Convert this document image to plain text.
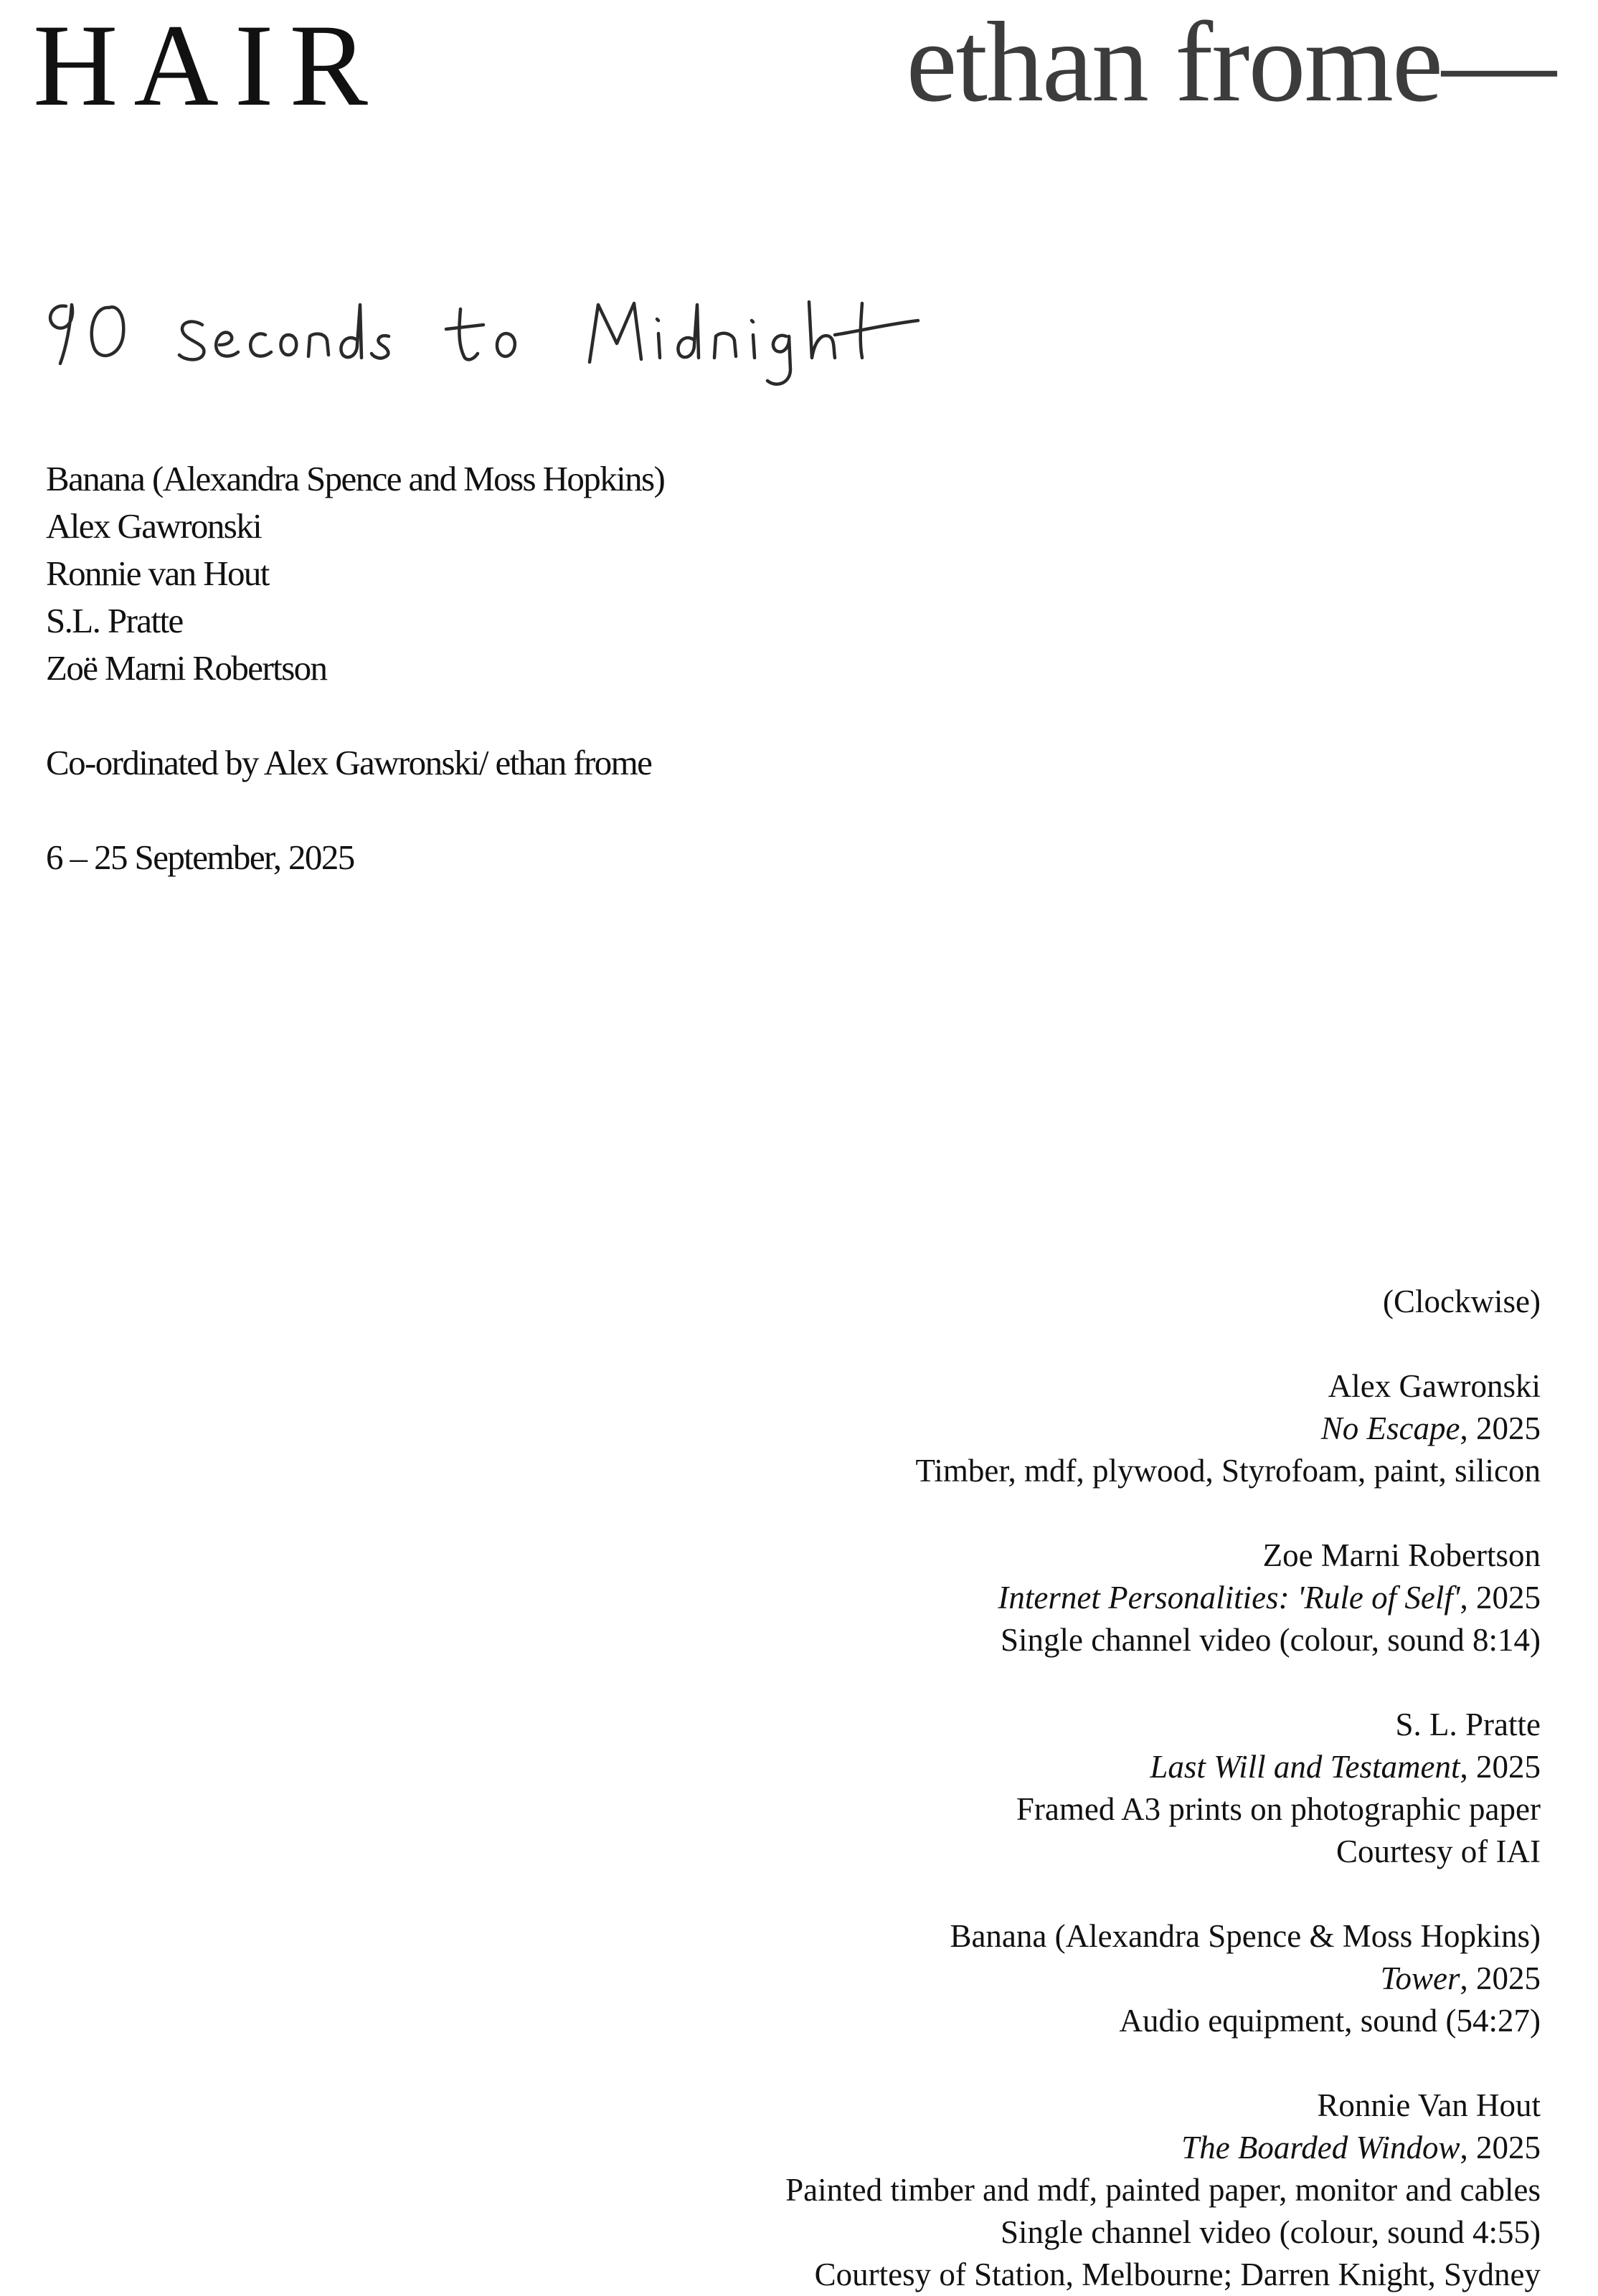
HAIR	ethan frome—
Banana (Alexandra Spence and Moss Hopkins)
Alex Gawronski
Ronnie van Hout
S.L. Pratte
Zoë Marni Robertson
Co-ordinated by Alex Gawronski/ ethan frome
6 – 25 September, 2025
(Clockwise)
Alex Gawronski
No Escape, 2025
Timber, mdf, plywood, Styrofoam, paint, silicon
Zoe Marni Robertson
Internet Personalities: 'Rule of Self', 2025
Single channel video (colour, sound 8:14)
S. L. Pratte
Last Will and Testament, 2025
Framed A3 prints on photographic paper
Courtesy of IAI
Banana (Alexandra Spence & Moss Hopkins)
Tower, 2025
Audio equipment, sound (54:27)
Ronnie Van Hout
The Boarded Window, 2025
Painted timber and mdf, painted paper, monitor and cables
Single channel video (colour, sound 4:55)
Courtesy of Station, Melbourne; Darren Knight, Sydney
